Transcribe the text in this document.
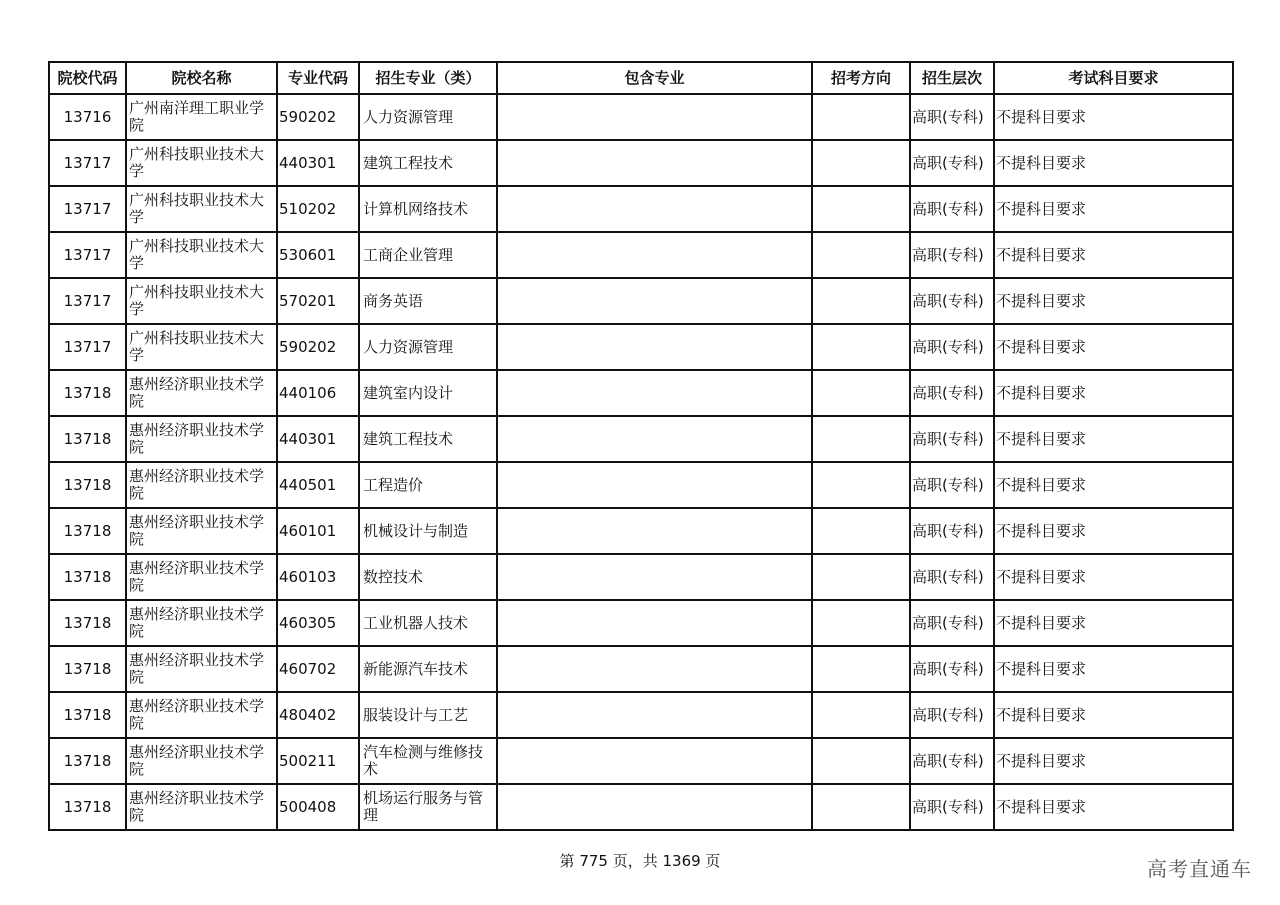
院校代码	院校名称	专业代码	招生专业（类）	包含专业	招考方向	招生层次	考试科目要求
13716	广州南洋理工职业学院	590202	人力资源管理			高职(专科)	不提科目要求
13717	广州科技职业技术大学	440301	建筑工程技术			高职(专科)	不提科目要求
13717	广州科技职业技术大学	510202	计算机网络技术			高职(专科)	不提科目要求
13717	广州科技职业技术大学	530601	工商企业管理			高职(专科)	不提科目要求
13717	广州科技职业技术大学	570201	商务英语			高职(专科)	不提科目要求
13717	广州科技职业技术大学	590202	人力资源管理			高职(专科)	不提科目要求
13718	惠州经济职业技术学院	440106	建筑室内设计			高职(专科)	不提科目要求
13718	惠州经济职业技术学院	440301	建筑工程技术			高职(专科)	不提科目要求
13718	惠州经济职业技术学院	440501	工程造价			高职(专科)	不提科目要求
13718	惠州经济职业技术学院	460101	机械设计与制造			高职(专科)	不提科目要求
13718	惠州经济职业技术学院	460103	数控技术			高职(专科)	不提科目要求
13718	惠州经济职业技术学院	460305	工业机器人技术			高职(专科)	不提科目要求
13718	惠州经济职业技术学院	460702	新能源汽车技术			高职(专科)	不提科目要求
13718	惠州经济职业技术学院	480402	服装设计与工艺			高职(专科)	不提科目要求
13718	惠州经济职业技术学院	500211	汽车检测与维修技术			高职(专科)	不提科目要求
13718	惠州经济职业技术学院	500408	机场运行服务与管理			高职(专科)	不提科目要求
第 775 页，共 1369 页	高考直通车
